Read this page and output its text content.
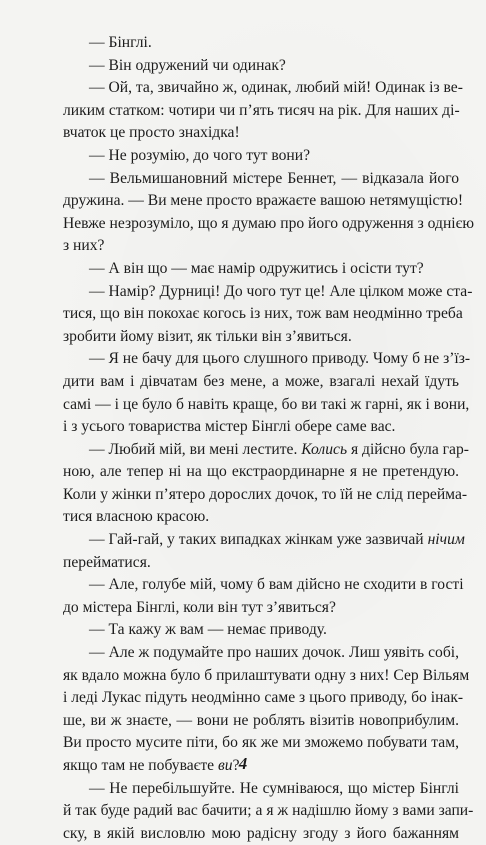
— Бінглі.
— Він одружений чи одинак?
— Ой, та, звичайно ж, одинак, любий мій! Одинак із ве-
ликим статком: чотири чи п’ять тисяч на рік. Для наших ді-
вчаток це просто знахідка!
— Не розумію, до чого тут вони?
— Вельмишановний містере Беннет, — відказала його
дружина. — Ви мене просто вражаєте вашою нетямущістю!
Невже незрозуміло, що я думаю про його одруження з однією
з них?
— А він що — має намір одружитись і осісти тут?
— Намір? Дурниці! До чого тут це! Але цілком може ста-
тися, що він покохає когось із них, тож вам неодмінно треба
зробити йому візит, як тільки він з’явиться.
— Я не бачу для цього слушного приводу. Чому б не з’їз-
дити вам і дівчатам без мене, а може, взагалі нехай їдуть
самі — і це було б навіть краще, бо ви такі ж гарні, як і вони,
і з усього товариства містер Бінглі обере саме вас.
— Любий мій, ви мені лестите. Колись я дійсно була гар-
ною, але тепер ні на що екстраординарне я не претендую.
Коли у жінки п’ятеро дорослих дочок, то їй не слід перейма-
тися власною красою.
— Гай-гай, у таких випадках жінкам уже зазвичай нічим
перейматися.
— Але, голубе мій, чому б вам дійсно не сходити в гості
до містера Бінглі, коли він тут з’явиться?
— Та кажу ж вам — немає приводу.
— Але ж подумайте про наших дочок. Лиш уявіть собі,
як вдало можна було б прилаштувати одну з них! Сер Вільям
і леді Лукас підуть неодмінно саме з цього приводу, бо інак-
ше, ви ж знаєте, — вони не роблять візитів новоприбулим.
Ви просто мусите піти, бо як же ми зможемо побувати там,
якщо там не побуваєте ви?
— Не перебільшуйте. Не сумніваюся, що містер Бінглі
й так буде радий вас бачити; а я ж надішлю йому з вами запи-
ску, в якій висловлю мою радісну згоду з його бажанням
4
